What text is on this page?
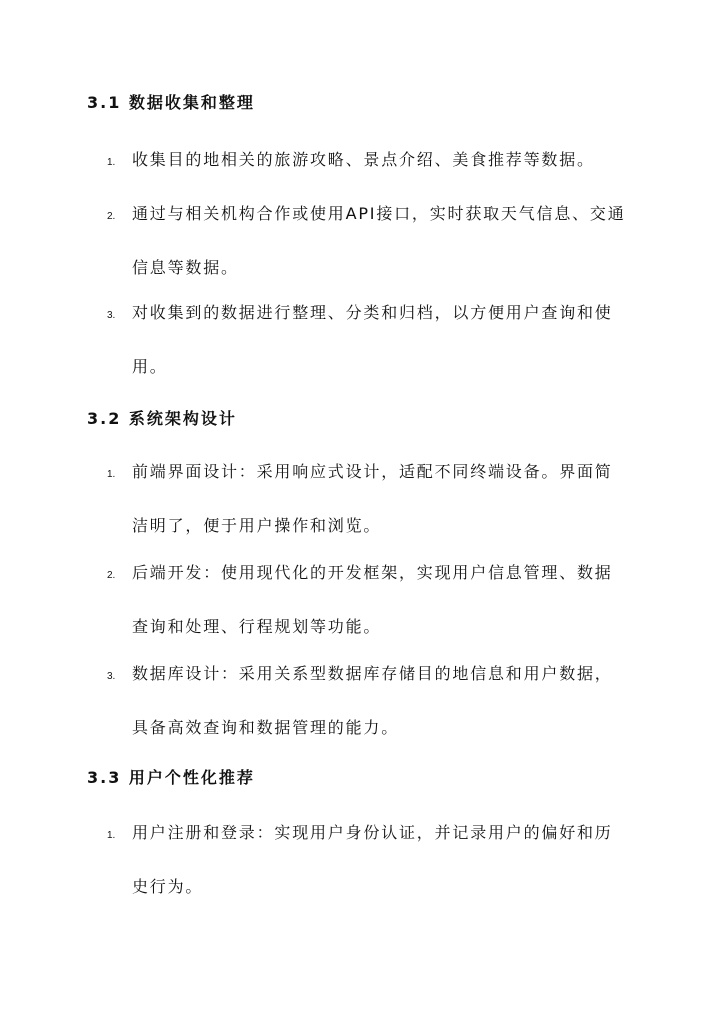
3.1 数据收集和整理
1. 收集目的地相关的旅游攻略、景点介绍、美食推荐等数据。
2. 通过与相关机构合作或使用API接口，实时获取天气信息、交通信息等数据。
3. 对收集到的数据进行整理、分类和归档，以方便用户查询和使用。
3.2 系统架构设计
1. 前端界面设计：采用响应式设计，适配不同终端设备。界面简洁明了，便于用户操作和浏览。
2. 后端开发：使用现代化的开发框架，实现用户信息管理、数据查询和处理、行程规划等功能。
3. 数据库设计：采用关系型数据库存储目的地信息和用户数据，具备高效查询和数据管理的能力。
3.3 用户个性化推荐
1. 用户注册和登录：实现用户身份认证，并记录用户的偏好和历史行为。
